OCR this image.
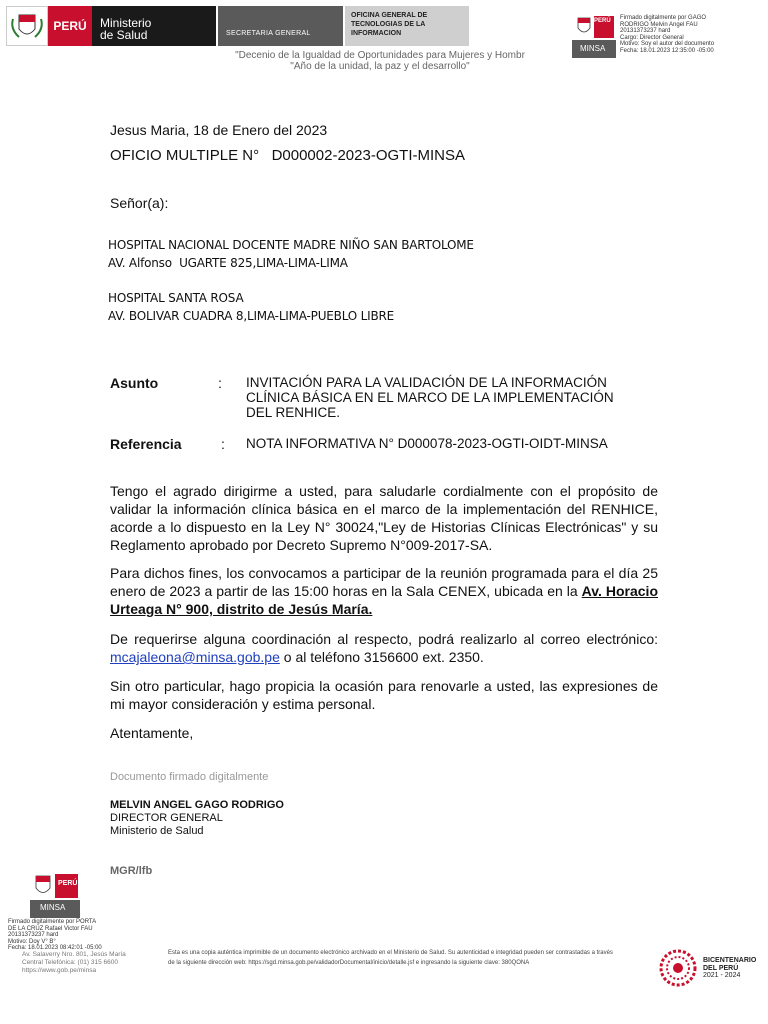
PERÚ	Ministerio
de Salud	SECRETARIA GENERAL
OFICINA GENERAL DE
TECNOLOGIAS DE LA
INFORMACION
"Decenio de la Igualdad de Oportunidades para Mujeres y Hombr
"Año de la unidad, la paz y el desarrollo"
PERÚ
MINSA
Firmado digitalmente por GAGO
RODRIGO Melvin Angel FAU
20131373237 hard
Cargo: Director General
Motivo: Soy el autor del documento
Fecha: 18.01.2023 12:35:00 -05:00
Jesus Maria, 18 de Enero del 2023
OFICIO MULTIPLE N°   D000002-2023-OGTI-MINSA
Señor(a):
HOSPITAL NACIONAL DOCENTE MADRE NIÑO SAN BARTOLOME
AV. Alfonso  UGARTE 825,LIMA-LIMA-LIMA
HOSPITAL SANTA ROSA
AV. BOLIVAR CUADRA 8,LIMA-LIMA-PUEBLO LIBRE
Asunto	: INVITACIÓN PARA LA VALIDACIÓN DE LA INFORMACIÓN
CLÍNICA BÁSICA EN EL MARCO DE LA IMPLEMENTACIÓN
DEL RENHICE.
Referencia	: NOTA INFORMATIVA N° D000078-2023-OGTI-OIDT-MINSA
Tengo el agrado dirigirme a usted, para saludarle cordialmente con el propósito de validar la información clínica básica en el marco de la implementación del RENHICE, acorde a lo dispuesto en la Ley N° 30024,"Ley de Historias Clínicas Electrónicas" y su Reglamento aprobado por Decreto Supremo N°009-2017-SA.
Para dichos fines, los convocamos a participar de la reunión programada para el día 25 enero de 2023 a partir de las 15:00 horas en la Sala CENEX, ubicada en la Av. Horacio Urteaga N° 900, distrito de Jesús María.
De requerirse alguna coordinación al respecto, podrá realizarlo al correo electrónico: mcajaleona@minsa.gob.pe o al teléfono 3156600 ext. 2350.
Sin otro particular, hago propicia la ocasión para renovarle a usted, las expresiones de mi mayor consideración y estima personal.
Atentamente,
Documento firmado digitalmente
MELVIN ANGEL GAGO RODRIGO
DIRECTOR GENERAL
Ministerio de Salud
MGR/lfb
PERÚ
MINSA
Firmado digitalmente por PORTA
DE LA CRUZ Rafael Victor FAU
20131373237 hard
Motivo: Doy V° B°
Fecha: 18.01.2023 08:42:01 -05:00
Av. Salaverry Nro. 801, Jesús María
Central Telefónica: (01) 315 6600
https://www.gob.pe/minsa
Esta es una copia auténtica imprimible de un documento electrónico archivado en el Ministerio de Salud. Su autenticidad e integridad pueden ser contrastadas a través
de la siguiente dirección web: https://sgd.minsa.gob.pe/validadorDocumental/inicio/detalle.jsf e ingresando la siguiente clave: 380QONA	BICENTENARIO
DEL PERÚ
2021 - 2024
